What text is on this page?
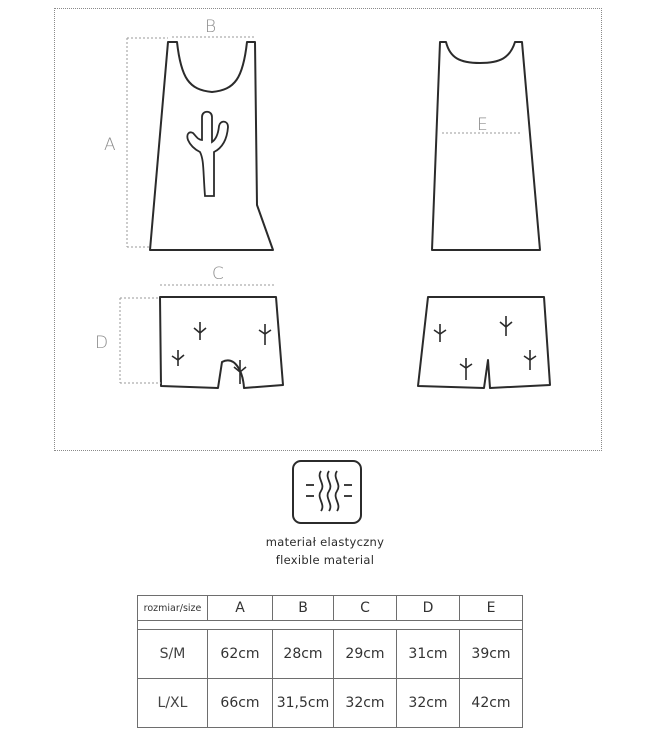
A
B
E
C
D
materiał elastyczny
flexible material
rozmiar/size	A	B	C	D	E

S/M	62cm	28cm	29cm	31cm	39cm
L/XL	66cm	31,5cm	32cm	32cm	42cm
